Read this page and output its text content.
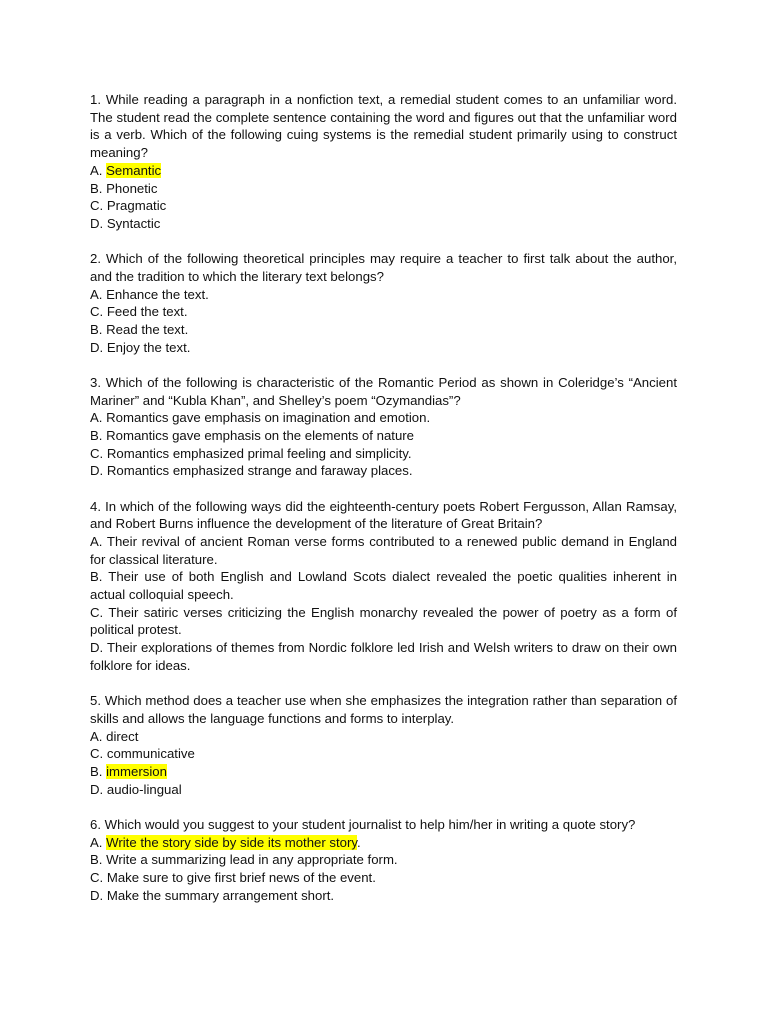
1. While reading a paragraph in a nonfiction text, a remedial student comes to an unfamiliar word. The student read the complete sentence containing the word and figures out that the unfamiliar word is a verb. Which of the following cuing systems is the remedial student primarily using to construct meaning?

A. Semantic

B. Phonetic

C. Pragmatic

D. Syntactic

2. Which of the following theoretical principles may require a teacher to first talk about the author, and the tradition to which the literary text belongs?

A. Enhance the text.

C. Feed the text.

B. Read the text.

D. Enjoy the text.

3. Which of the following is characteristic of the Romantic Period as shown in Coleridge’s “Ancient Mariner” and “Kubla Khan”, and Shelley’s poem “Ozymandias”?

A. Romantics gave emphasis on imagination and emotion.

B. Romantics gave emphasis on the elements of nature

C. Romantics emphasized primal feeling and simplicity.

D. Romantics emphasized strange and faraway places.

4. In which of the following ways did the eighteenth-century poets Robert Fergusson, Allan Ramsay, and Robert Burns influence the development of the literature of Great Britain?

A. Their revival of ancient Roman verse forms contributed to a renewed public demand in England for classical literature.

B. Their use of both English and Lowland Scots dialect revealed the poetic qualities inherent in actual colloquial speech.

C. Their satiric verses criticizing the English monarchy revealed the power of poetry as a form of political protest.

D. Their explorations of themes from Nordic folklore led Irish and Welsh writers to draw on their own folklore for ideas.

5. Which method does a teacher use when she emphasizes the integration rather than separation of skills and allows the language functions and forms to interplay.

A. direct

C. communicative

B. immersion

D. audio-lingual

6. Which would you suggest to your student journalist to help him/her in writing a quote story?

A. Write the story side by side its mother story.

B. Write a summarizing lead in any appropriate form.

C. Make sure to give first brief news of the event.

D. Make the summary arrangement short.
